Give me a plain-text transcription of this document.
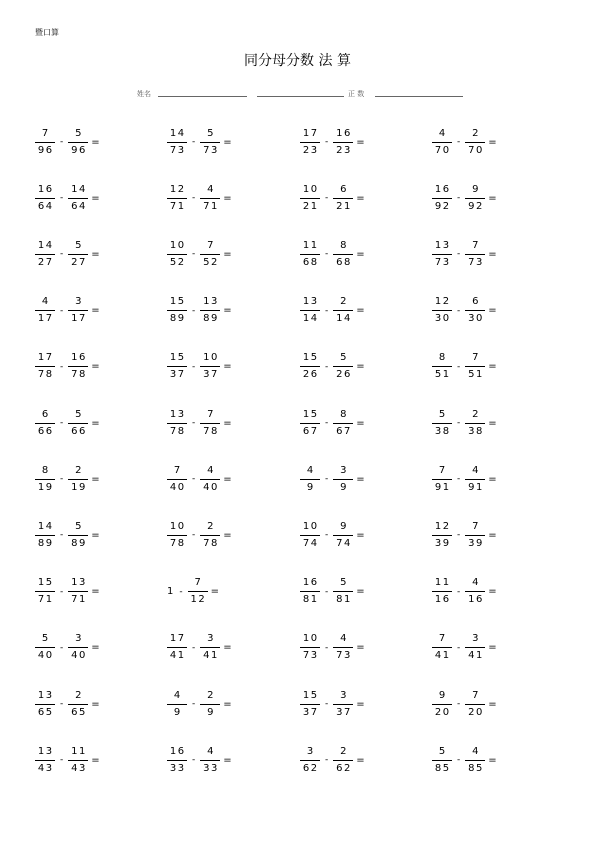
暨口算
同分母分数 法 算
姓名	正 数
$\frac{7}{96} - \frac{5}{96}$ =
$\frac{16}{64} - \frac{14}{64}$ =
$\frac{14}{27} - \frac{5}{27}$ =
$\frac{4}{17} - \frac{3}{17}$ =
$\frac{17}{78} - \frac{16}{78}$ =
$\frac{6}{66} - \frac{5}{66}$ =
$\frac{8}{19} - \frac{2}{19}$ =
$\frac{14}{89} - \frac{5}{89}$ =
$\frac{15}{71} - \frac{13}{71}$ =
$\frac{5}{40} - \frac{3}{40}$ =
$\frac{13}{65} - \frac{2}{65}$ =
$\frac{13}{43} - \frac{11}{43}$ =
$\frac{14}{73} - \frac{5}{73}$ =
$\frac{12}{71} - \frac{4}{71}$ =
$\frac{10}{52} - \frac{7}{52}$ =
$\frac{15}{89} - \frac{13}{89}$ =
$\frac{15}{37} - \frac{10}{37}$ =
$\frac{13}{78} - \frac{7}{78}$ =
$\frac{7}{40} - \frac{4}{40}$ =
$\frac{10}{78} - \frac{2}{78}$ =
$1 - \frac{7}{12}$ =
$\frac{17}{41} - \frac{3}{41}$ =
$\frac{4}{9} - \frac{2}{9}$ =
$\frac{16}{33} - \frac{4}{33}$ =
$\frac{17}{23} - \frac{16}{23}$ =
$\frac{10}{21} - \frac{6}{21}$ =
$\frac{11}{68} - \frac{8}{68}$ =
$\frac{13}{14} - \frac{2}{14}$ =
$\frac{15}{26} - \frac{5}{26}$ =
$\frac{15}{67} - \frac{8}{67}$ =
$\frac{4}{9} - \frac{3}{9}$ =
$\frac{10}{74} - \frac{9}{74}$ =
$\frac{16}{81} - \frac{5}{81}$ =
$\frac{10}{73} - \frac{4}{73}$ =
$\frac{15}{37} - \frac{3}{37}$ =
$\frac{3}{62} - \frac{2}{62}$ =
$\frac{4}{70} - \frac{2}{70}$ =
$\frac{16}{92} - \frac{9}{92}$ =
$\frac{13}{73} - \frac{7}{73}$ =
$\frac{12}{30} - \frac{6}{30}$ =
$\frac{8}{51} - \frac{7}{51}$ =
$\frac{5}{38} - \frac{2}{38}$ =
$\frac{7}{91} - \frac{4}{91}$ =
$\frac{12}{39} - \frac{7}{39}$ =
$\frac{11}{16} - \frac{4}{16}$ =
$\frac{7}{41} - \frac{3}{41}$ =
$\frac{9}{20} - \frac{7}{20}$ =
$\frac{5}{85} - \frac{4}{85}$ =
